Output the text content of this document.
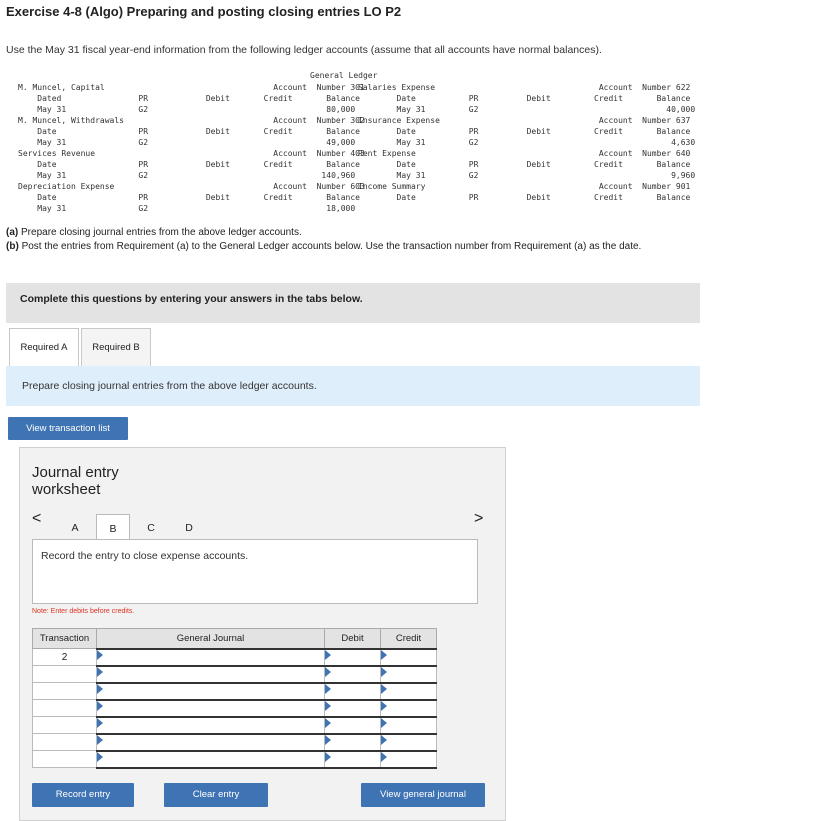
Exercise 4-8 (Algo) Preparing and posting closing entries LO P2
Use the May 31 fiscal year-end information from the following ledger accounts (assume that all accounts have normal balances).
General Ledger
M. Muncel, Capital                                   Account  Number 301
Dated                PR            Debit       Credit       Balance
May 31               G2                                     80,000
M. Muncel, Withdrawals                               Account  Number 302
Date                 PR            Debit       Credit       Balance
May 31               G2                                     49,000
Services Revenue                                     Account  Number 403
Date                 PR            Debit       Credit       Balance
May 31               G2                                    140,960
Depreciation Expense                                 Account  Number 603
Date                 PR            Debit       Credit       Balance
May 31               G2                                     18,000
Salaries Expense                                  Account  Number 622
Date           PR          Debit         Credit       Balance
May 31         G2                                       40,000
Insurance Expense                                 Account  Number 637
Date           PR          Debit         Credit       Balance
May 31         G2                                        4,630
Rent Expense                                      Account  Number 640
Date           PR          Debit         Credit       Balance
May 31         G2                                        9,960
Income Summary                                    Account  Number 901
Date           PR          Debit         Credit       Balance
(a) Prepare closing journal entries from the above ledger accounts.
(b) Post the entries from Requirement (a) to the General Ledger accounts below. Use the transaction number from Requirement (a) as the date.
Complete this questions by entering your answers in the tabs below.
Required A	Required B
Prepare closing journal entries from the above ledger accounts.
View transaction list
Journal entry
worksheet
<
A	B	C	D
>
Record the entry to close expense accounts.
Note: Enter debits before credits.
Transaction	General Journal	Debit	Credit
2	

Record entry	Clear entry	View general journal
